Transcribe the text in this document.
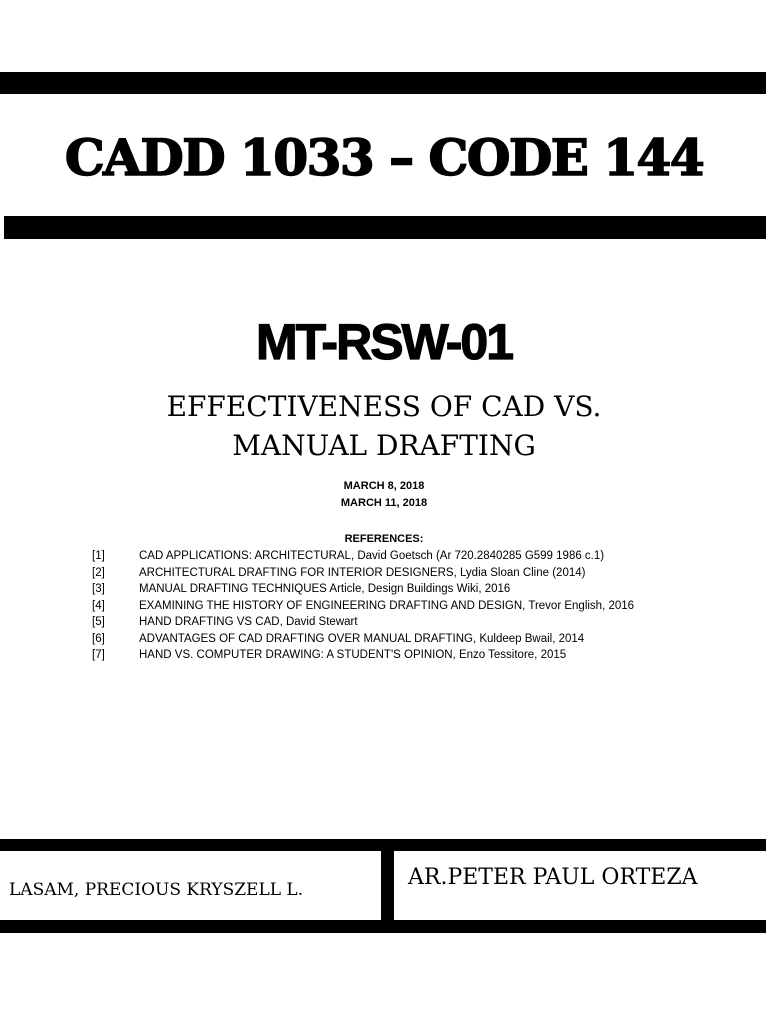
CADD 1033 – CODE 144
MT-RSW-01
EFFECTIVENESS OF CAD VS.
MANUAL DRAFTING
MARCH 8, 2018
MARCH 11, 2018
REFERENCES:
[1]	CAD APPLICATIONS: ARCHITECTURAL, David Goetsch (Ar 720.2840285 G599 1986 c.1)
[2]	ARCHITECTURAL DRAFTING FOR INTERIOR DESIGNERS, Lydia Sloan Cline (2014)
[3]	MANUAL DRAFTING TECHNIQUES Article, Design Buildings Wiki, 2016
[4]	EXAMINING THE HISTORY OF ENGINEERING DRAFTING AND DESIGN, Trevor English, 2016
[5]	HAND DRAFTING VS CAD, David Stewart
[6]	ADVANTAGES OF CAD DRAFTING OVER MANUAL DRAFTING, Kuldeep Bwail, 2014
[7]	HAND VS. COMPUTER DRAWING: A STUDENT'S OPINION, Enzo Tessitore, 2015
LASAM, PRECIOUS KRYSZELL L.	AR.PETER PAUL ORTEZA
